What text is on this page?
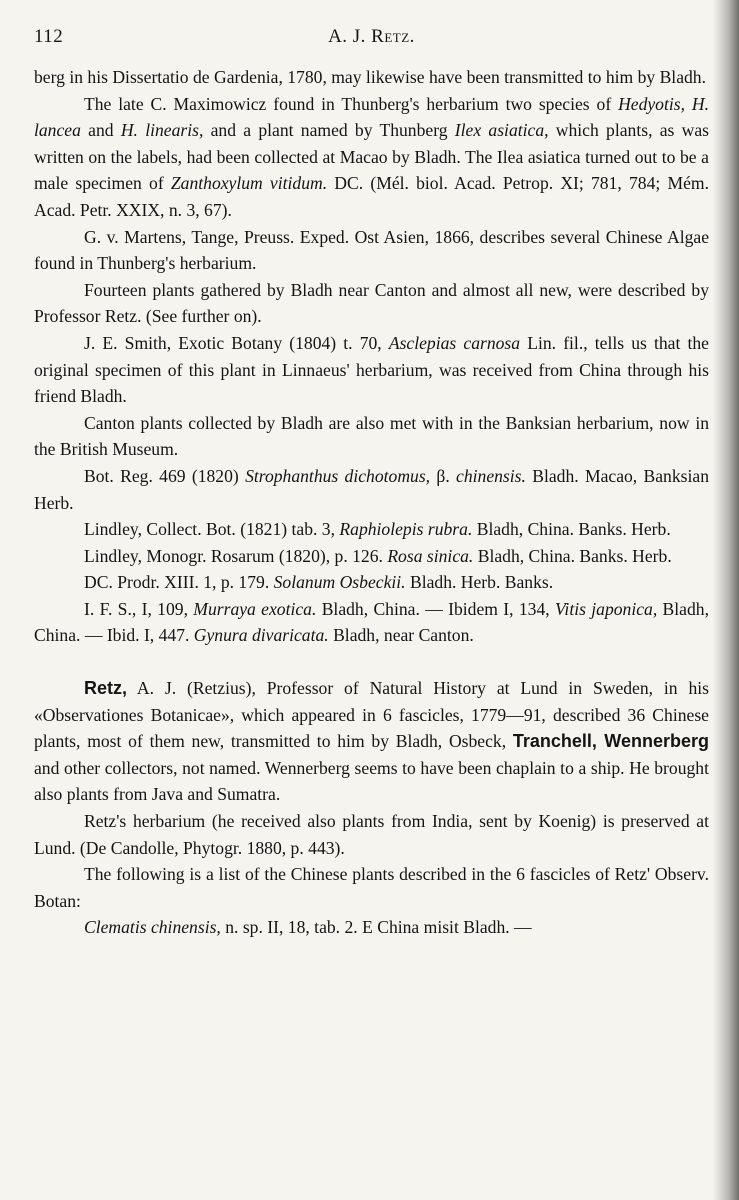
112	A. J. Retz.

berg in his Dissertatio de Gardenia, 1780, may likewise have been transmitted to him by Bladh.

The late C. Maximowicz found in Thunberg's herbarium two species of Hedyotis, H. lancea and H. linearis, and a plant named by Thunberg Ilex asiatica, which plants, as was written on the labels, had been collected at Macao by Bladh. The Ilea asiatica turned out to be a male specimen of Zanthoxylum vitidum. DC. (Mél. biol. Acad. Petrop. XI; 781, 784; Mém. Acad. Petr. XXIX, n. 3, 67).

G. v. Martens, Tange, Preuss. Exped. Ost Asien, 1866, describes several Chinese Algae found in Thunberg's herbarium.

Fourteen plants gathered by Bladh near Canton and almost all new, were described by Professor Retz. (See further on).

J. E. Smith, Exotic Botany (1804) t. 70, Asclepias carnosa Lin. fil., tells us that the original specimen of this plant in Linnaeus' herbarium, was received from China through his friend Bladh.

Canton plants collected by Bladh are also met with in the Banksian herbarium, now in the British Museum.

Bot. Reg. 469 (1820) Strophanthus dichotomus, β. chinensis. Bladh. Macao, Banksian Herb.

Lindley, Collect. Bot. (1821) tab. 3, Raphiolepis rubra. Bladh, China. Banks. Herb.

Lindley, Monogr. Rosarum (1820), p. 126. Rosa sinica. Bladh, China. Banks. Herb.

DC. Prodr. XIII. 1, p. 179. Solanum Osbeckii. Bladh. Herb. Banks.

I. F. S., I, 109, Murraya exotica. Bladh, China. — Ibidem I, 134, Vitis japonica, Bladh, China. — Ibid. I, 447. Gynura divaricata. Bladh, near Canton.

Retz, A. J. (Retzius), Professor of Natural History at Lund in Sweden, in his «Observationes Botanicae», which appeared in 6 fascicles, 1779—91, described 36 Chinese plants, most of them new, transmitted to him by Bladh, Osbeck, Tranchell, Wennerberg and other collectors, not named. Wennerberg seems to have been chaplain to a ship. He brought also plants from Java and Sumatra.

Retz's herbarium (he received also plants from India, sent by Koenig) is preserved at Lund. (De Candolle, Phytogr. 1880, p. 443).

The following is a list of the Chinese plants described in the 6 fascicles of Retz' Observ. Botan:

Clematis chinensis, n. sp. II, 18, tab. 2. E China misit Bladh. —
